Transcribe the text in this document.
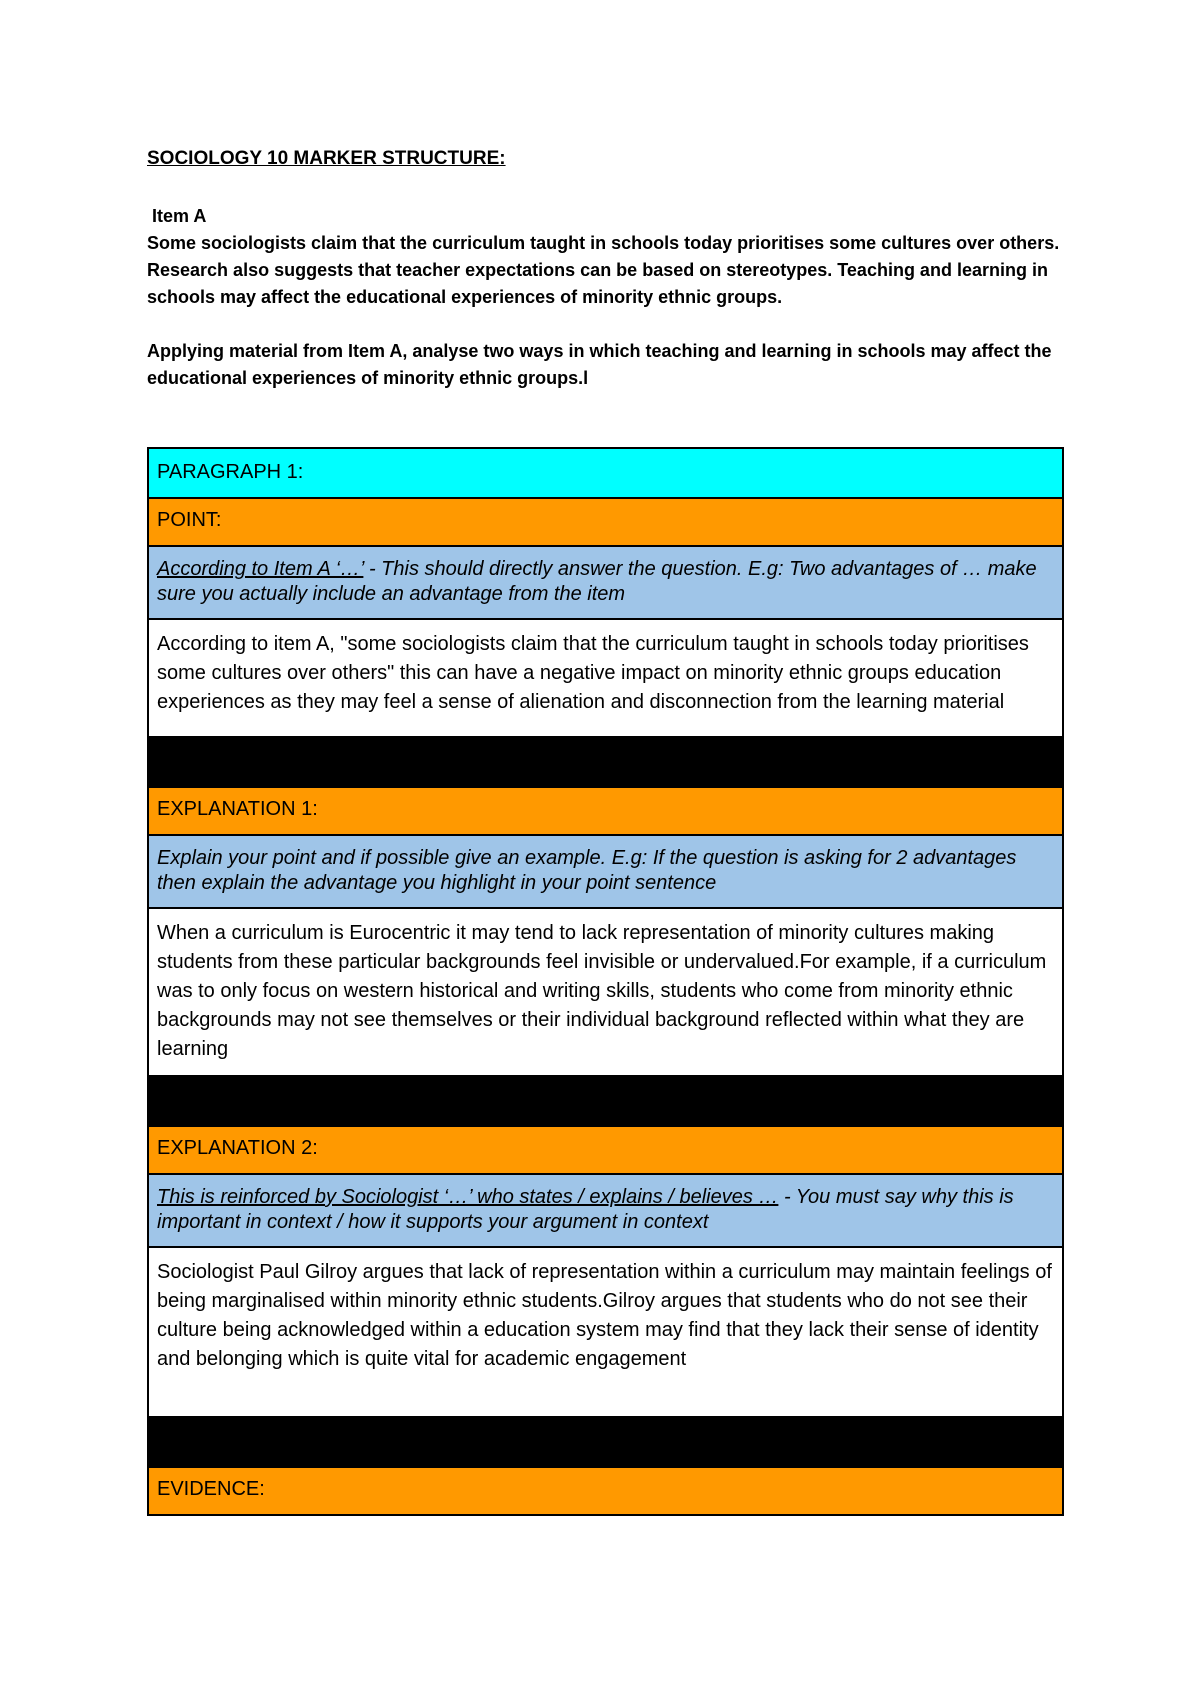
SOCIOLOGY 10 MARKER STRUCTURE:

Item A

Some sociologists claim that the curriculum taught in schools today prioritises some cultures over others. Research also suggests that teacher expectations can be based on stereotypes. Teaching and learning in schools may affect the educational experiences of minority ethnic groups.

Applying material from Item A, analyse two ways in which teaching and learning in schools may affect the educational experiences of minority ethnic groups.l

PARAGRAPH 1:
POINT:
According to Item A ‘…’ - This should directly answer the question. E.g: Two advantages of … make sure you actually include an advantage from the item
According to item A, "some sociologists claim that the curriculum taught in schools today prioritises some cultures over others" this can have a negative impact on minority ethnic groups education experiences as they may feel a sense of alienation and disconnection from the learning material
EXPLANATION 1:
Explain your point and if possible give an example. E.g: If the question is asking for 2 advantages then explain the advantage you highlight in your point sentence
When a curriculum is Eurocentric it may tend to lack representation of minority cultures making students from these particular backgrounds feel invisible or undervalued.For example, if a curriculum was to only focus on western historical and writing skills, students who come from minority ethnic backgrounds may not see themselves or their individual background reflected within what they are learning
EXPLANATION 2:
This is reinforced by Sociologist ‘…’ who states / explains / believes … - You must say why this is important in context / how it supports your argument in context
Sociologist Paul Gilroy argues that lack of representation within a curriculum may maintain feelings of being marginalised within minority ethnic students.Gilroy argues that students who do not see their culture being acknowledged within a education system may find that they lack their sense of identity and belonging which is quite vital for academic engagement
EVIDENCE:
